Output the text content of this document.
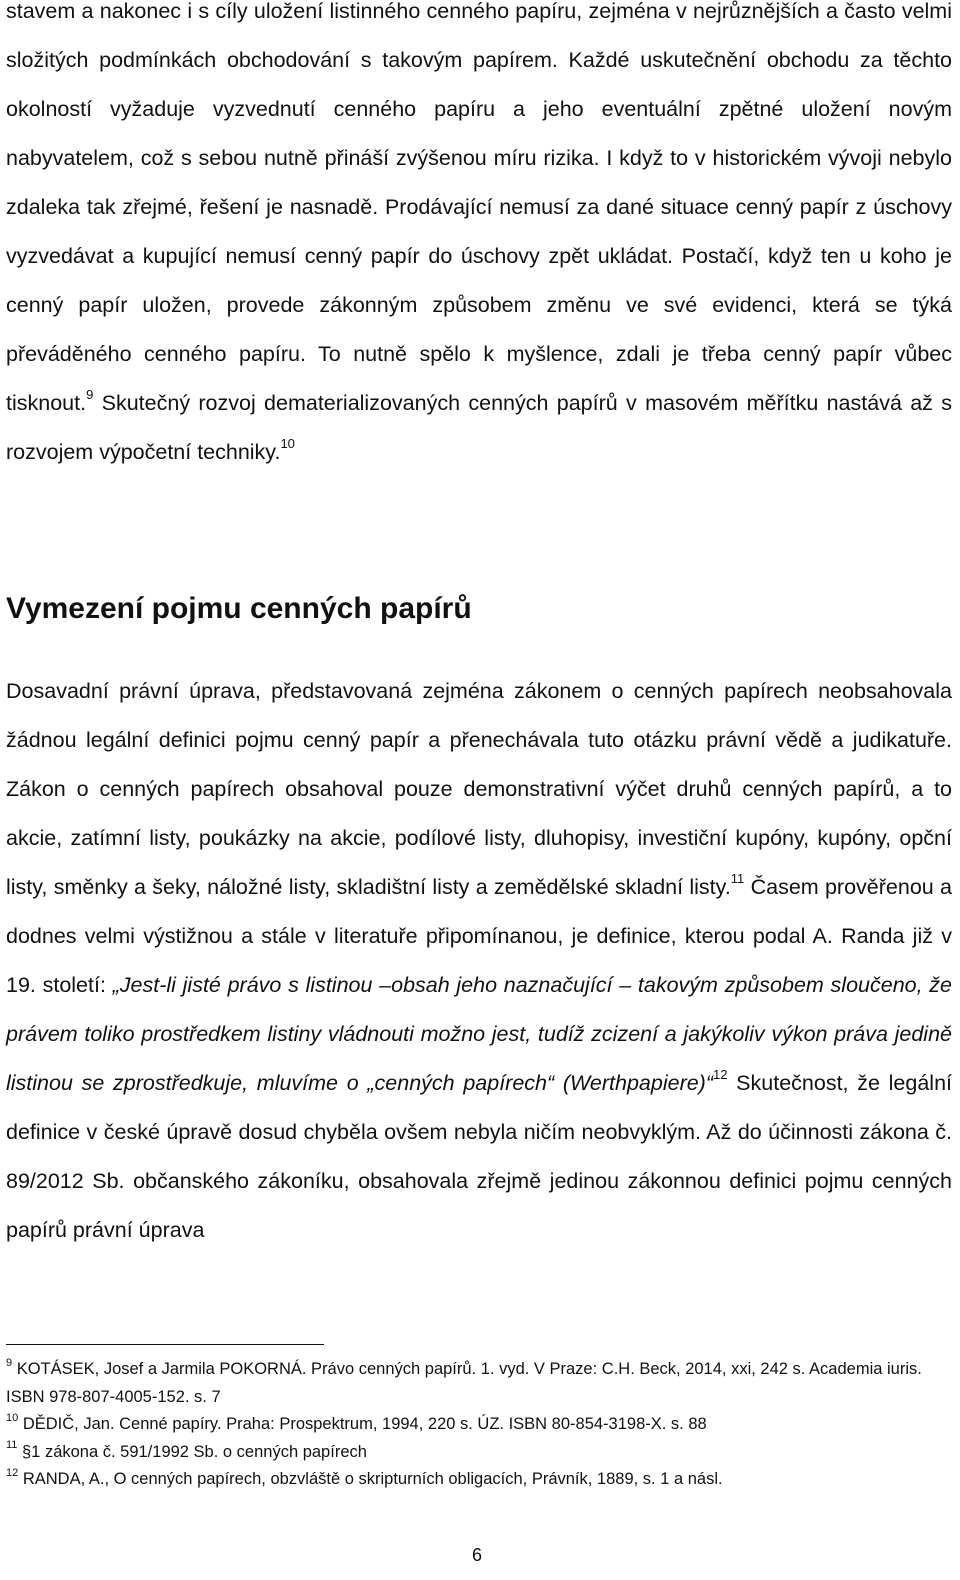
stavem a nakonec i s cíly uložení listinného cenného papíru, zejména v nejrůznějších a často velmi složitých podmínkách obchodování s takovým papírem. Každé uskutečnění obchodu za těchto okolností vyžaduje vyzvednutí cenného papíru a jeho eventuální zpětné uložení novým nabyvatelem, což s sebou nutně přináší zvýšenou míru rizika. I když to v historickém vývoji nebylo zdaleka tak zřejmé, řešení je nasnadě. Prodávající nemusí za dané situace cenný papír z úschovy vyzvedávat a kupující nemusí cenný papír do úschovy zpět ukládat. Postačí, když ten u koho je cenný papír uložen, provede zákonným způsobem změnu ve své evidenci, která se týká převáděného cenného papíru. To nutně spělo k myšlence, zdali je třeba cenný papír vůbec tisknout.$^9$ Skutečný rozvoj dematerializovaných cenných papírů v masovém měřítku nastává až s rozvojem výpočetní techniky.$^{10}$

Vymezení pojmu cenných papírů

Dosavadní právní úprava, představovaná zejména zákonem o cenných papírech neobsahovala žádnou legální definici pojmu cenný papír a přenechávala tuto otázku právní vědě a judikatuře. Zákon o cenných papírech obsahoval pouze demonstrativní výčet druhů cenných papírů, a to akcie, zatímní listy, poukázky na akcie, podílové listy, dluhopisy, investiční kupóny, kupóny, opční listy, směnky a šeky, náložné listy, skladištní listy a zemědělské skladní listy.$^{11}$ Časem prověřenou a dodnes velmi výstižnou a stále v literatuře připomínanou, je definice, kterou podal A. Randa již v 19. století: „Jest-li jisté právo s listinou –obsah jeho naznačující – takovým způsobem sloučeno, že právem toliko prostředkem listiny vládnouti možno jest, tudíž zcizení a jakýkoliv výkon práva jedině listinou se zprostředkuje, mluvíme o „cenných papírech“ (Werthpapiere)“$^{12}$ Skutečnost, že legální definice v české úpravě dosud chyběla ovšem nebyla ničím neobvyklým. Až do účinnosti zákona č. 89/2012 Sb. občanského zákoníku, obsahovala zřejmě jedinou zákonnou definici pojmu cenných papírů právní úprava

$^9$ KOTÁSEK, Josef a Jarmila POKORNÁ. Právo cenných papírů. 1. vyd. V Praze: C.H. Beck, 2014, xxi, 242 s. Academia iuris. ISBN 978-807-4005-152. s. 7

$^{10}$ DĚDIČ, Jan. Cenné papíry. Praha: Prospektrum, 1994, 220 s. ÚZ. ISBN 80-854-3198-X. s. 88

$^{11}$ §1 zákona č. 591/1992 Sb. o cenných papírech

$^{12}$ RANDA, A., O cenných papírech, obzvláště o skripturních obligacích, Právník, 1889, s. 1 a násl.

6
